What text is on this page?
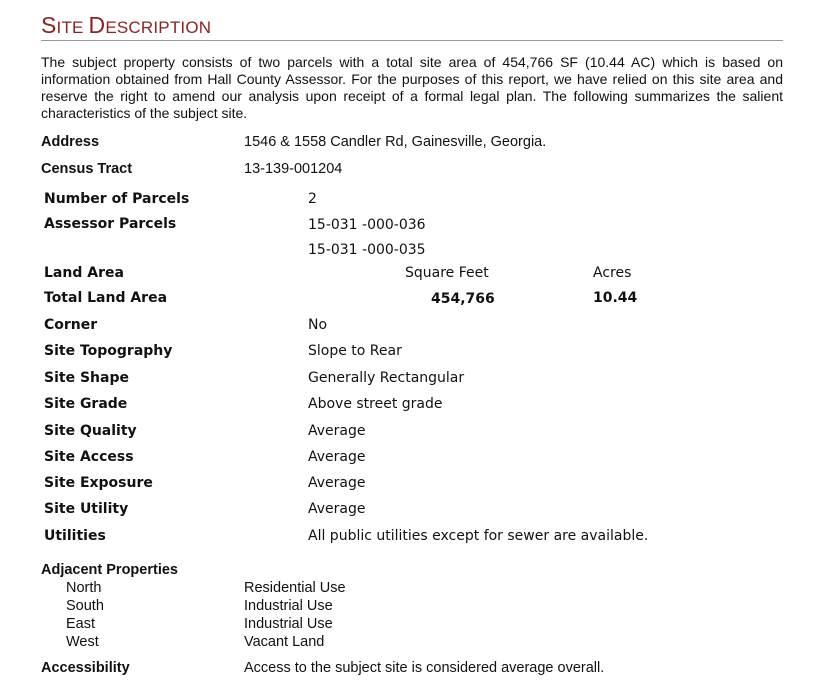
SITE DESCRIPTION

The subject property consists of two parcels with a total site area of 454,766 SF (10.44 AC) which is based on information obtained from Hall County Assessor. For the purposes of this report, we have relied on this site area and reserve the right to amend our analysis upon receipt of a formal legal plan. The following summarizes the salient characteristics of the subject site.

Address	1546 & 1558 Candler Rd, Gainesville, Georgia.
Census Tract	13-139-001204
Number of Parcels	2
Assessor Parcels	15-031 -000-036
15-031 -000-035
Land Area	Square Feet	Acres
Total Land Area	454,766	10.44
Corner	No
Site Topography	Slope to Rear
Site Shape	Generally Rectangular
Site Grade	Above street grade
Site Quality	Average
Site Access	Average
Site Exposure	Average
Site Utility	Average
Utilities	All public utilities except for sewer are available.
Adjacent Properties
North	Residential Use
South	Industrial Use
East	Industrial Use
West	Vacant Land
Accessibility	Access to the subject site is considered average overall.
